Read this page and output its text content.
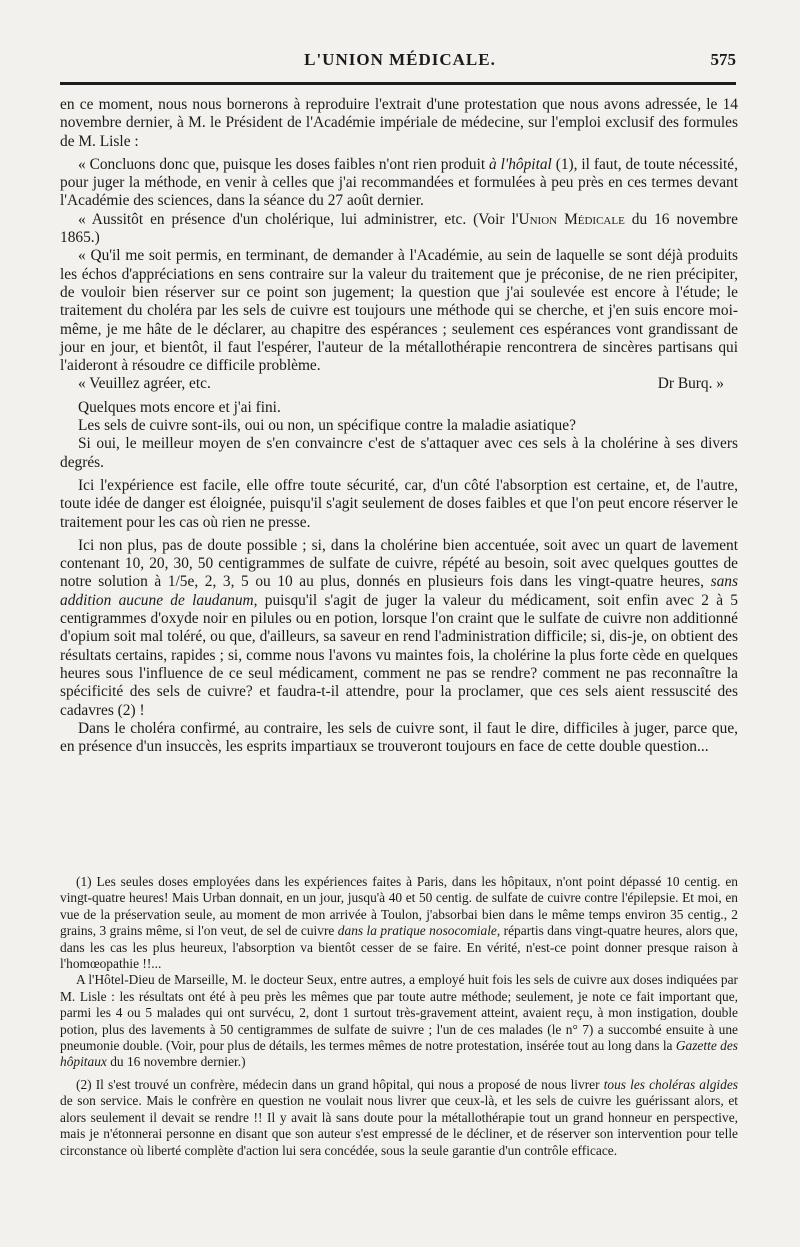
L'UNION MÉDICALE.	575

en ce moment, nous nous bornerons à reproduire l'extrait d'une protestation que nous avons adressée, le 14 novembre dernier, à M. le Président de l'Académie impériale de médecine, sur l'emploi exclusif des formules de M. Lisle :

« Concluons donc que, puisque les doses faibles n'ont rien produit à l'hôpital (1), il faut, de toute nécessité, pour juger la méthode, en venir à celles que j'ai recommandées et formulées à peu près en ces termes devant l'Académie des sciences, dans la séance du 27 août dernier.

« Aussitôt en présence d'un cholérique, lui administrer, etc. (Voir l'Union Médicale du 16 novembre 1865.)

« Qu'il me soit permis, en terminant, de demander à l'Académie, au sein de laquelle se sont déjà produits les échos d'appréciations en sens contraire sur la valeur du traitement que je préconise, de ne rien précipiter, de vouloir bien réserver sur ce point son jugement; la question que j'ai soulevée est encore à l'étude; le traitement du choléra par les sels de cuivre est toujours une méthode qui se cherche, et j'en suis encore moi-même, je me hâte de le déclarer, au chapitre des espérances ; seulement ces espérances vont grandissant de jour en jour, et bientôt, il faut l'espérer, l'auteur de la métallothérapie rencontrera de sincères partisans qui l'aideront à résoudre ce difficile problème.

« Veuillez agréer, etc.	Dr Burq. »

Quelques mots encore et j'ai fini.

Les sels de cuivre sont-ils, oui ou non, un spécifique contre la maladie asiatique?

Si oui, le meilleur moyen de s'en convaincre c'est de s'attaquer avec ces sels à la cholérine à ses divers degrés.

Ici l'expérience est facile, elle offre toute sécurité, car, d'un côté l'absorption est certaine, et, de l'autre, toute idée de danger est éloignée, puisqu'il s'agit seulement de doses faibles et que l'on peut encore réserver le traitement pour les cas où rien ne presse.

Ici non plus, pas de doute possible ; si, dans la cholérine bien accentuée, soit avec un quart de lavement contenant 10, 20, 30, 50 centigrammes de sulfate de cuivre, répété au besoin, soit avec quelques gouttes de notre solution à 1/5e, 2, 3, 5 ou 10 au plus, donnés en plusieurs fois dans les vingt-quatre heures, sans addition aucune de laudanum, puisqu'il s'agit de juger la valeur du médicament, soit enfin avec 2 à 5 centigrammes d'oxyde noir en pilules ou en potion, lorsque l'on craint que le sulfate de cuivre non additionné d'opium soit mal toléré, ou que, d'ailleurs, sa saveur en rend l'administration difficile; si, dis-je, on obtient des résultats certains, rapides ; si, comme nous l'avons vu maintes fois, la cholérine la plus forte cède en quelques heures sous l'influence de ce seul médicament, comment ne pas se rendre? comment ne pas reconnaître la spécificité des sels de cuivre? et faudra-t-il attendre, pour la proclamer, que ces sels aient ressuscité des cadavres (2) !

Dans le choléra confirmé, au contraire, les sels de cuivre sont, il faut le dire, difficiles à juger, parce que, en présence d'un insuccès, les esprits impartiaux se trouveront toujours en face de cette double question...

(1) Les seules doses employées dans les expériences faites à Paris, dans les hôpitaux, n'ont point dépassé 10 centig. en vingt-quatre heures! Mais Urban donnait, en un jour, jusqu'à 40 et 50 centig. de sulfate de cuivre contre l'épilepsie. Et moi, en vue de la préservation seule, au moment de mon arrivée à Toulon, j'absorbai bien dans le même temps environ 35 centig., 2 grains, 3 grains même, si l'on veut, de sel de cuivre dans la pratique nosocomiale, répartis dans vingt-quatre heures, alors que, dans les cas les plus heureux, l'absorption va bientôt cesser de se faire. En vérité, n'est-ce point donner presque raison à l'homœopathie !!...

A l'Hôtel-Dieu de Marseille, M. le docteur Seux, entre autres, a employé huit fois les sels de cuivre aux doses indiquées par M. Lisle : les résultats ont été à peu près les mêmes que par toute autre méthode; seulement, je note ce fait important que, parmi les 4 ou 5 malades qui ont survécu, 2, dont 1 surtout très-gravement atteint, avaient reçu, à mon instigation, double potion, plus des lavements à 50 centigrammes de sulfate de suivre ; l'un de ces malades (le n° 7) a succombé ensuite à une pneumonie double. (Voir, pour plus de détails, les termes mêmes de notre protestation, insérée tout au long dans la Gazette des hôpitaux du 16 novembre dernier.)

(2) Il s'est trouvé un confrère, médecin dans un grand hôpital, qui nous a proposé de nous livrer tous les choléras algides de son service. Mais le confrère en question ne voulait nous livrer que ceux-là, et les sels de cuivre les guérissant alors, et alors seulement il devait se rendre !! Il y avait là sans doute pour la métallothérapie tout un grand honneur en perspective, mais je n'étonnerai personne en disant que son auteur s'est empressé de le décliner, et de réserver son intervention pour telle circonstance où liberté complète d'action lui sera concédée, sous la seule garantie d'un contrôle efficace.
